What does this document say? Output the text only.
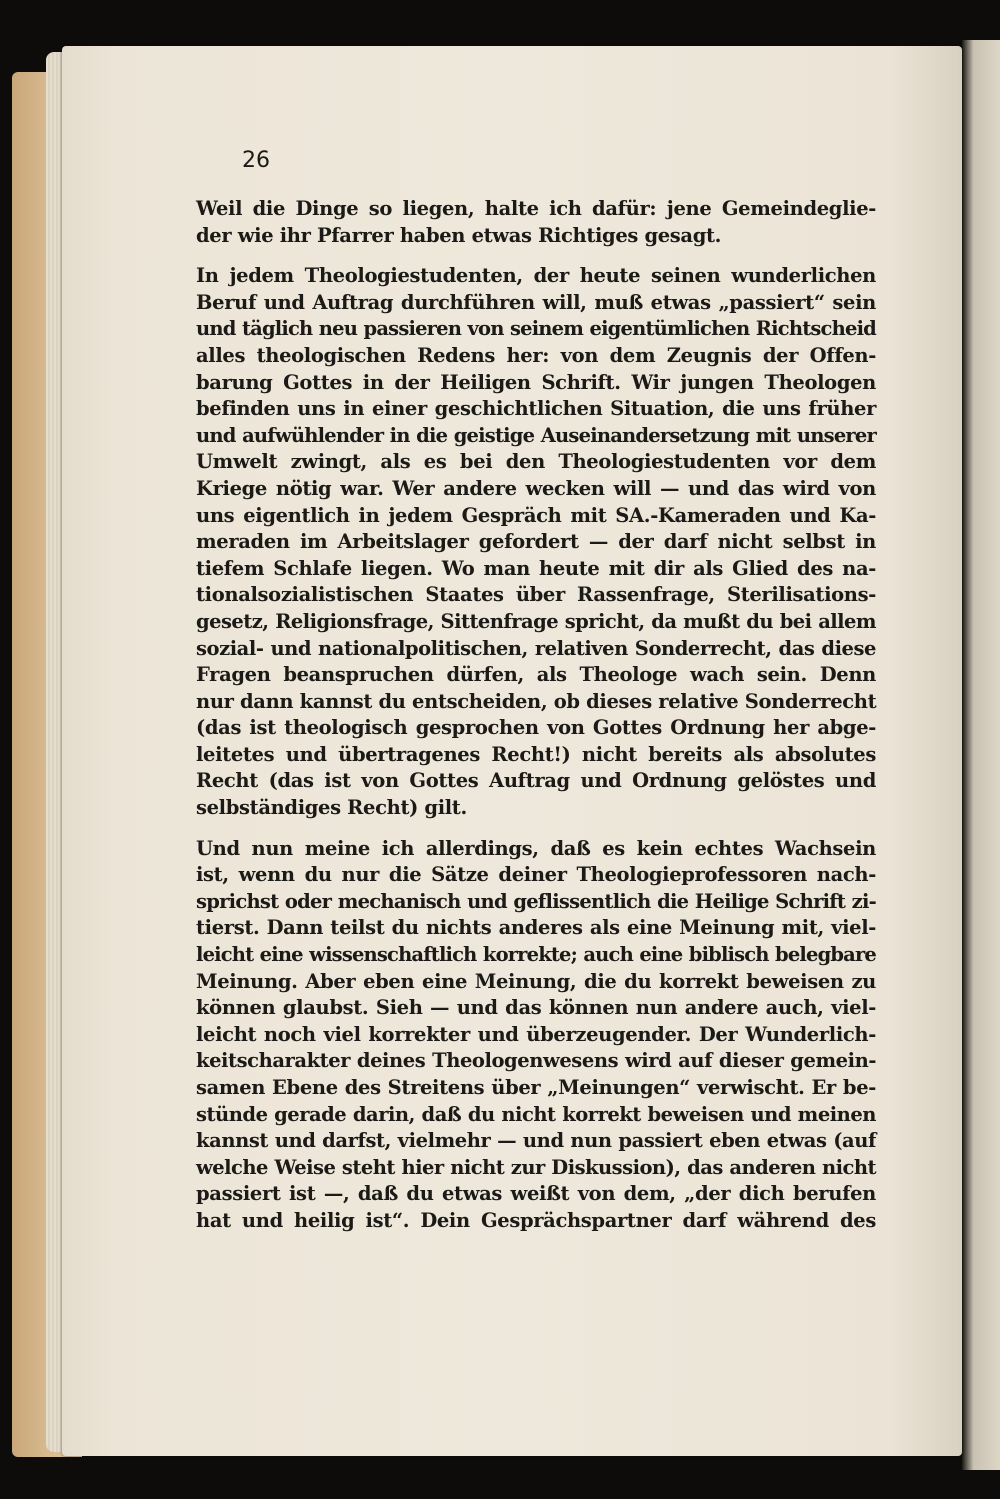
26

Weil die Dinge so liegen, halte ich dafür: jene Gemeindeglie-
der wie ihr Pfarrer haben etwas Richtiges gesagt.

In jedem Theologiestudenten, der heute seinen wunderlichen
Beruf und Auftrag durchführen will, muß etwas „passiert“ sein
und täglich neu passieren von seinem eigentümlichen Richtscheid
alles theologischen Redens her: von dem Zeugnis der Offen-
barung Gottes in der Heiligen Schrift. Wir jungen Theologen
befinden uns in einer geschichtlichen Situation, die uns früher
und aufwühlender in die geistige Auseinandersetzung mit unserer
Umwelt zwingt, als es bei den Theologiestudenten vor dem
Kriege nötig war. Wer andere wecken will — und das wird von
uns eigentlich in jedem Gespräch mit SA.-Kameraden und Ka-
meraden im Arbeitslager gefordert — der darf nicht selbst in
tiefem Schlafe liegen. Wo man heute mit dir als Glied des na-
tionalsozialistischen Staates über Rassenfrage, Sterilisations-
gesetz, Religionsfrage, Sittenfrage spricht, da mußt du bei allem
sozial- und nationalpolitischen, relativen Sonderrecht, das diese
Fragen beanspruchen dürfen, als Theologe wach sein. Denn
nur dann kannst du entscheiden, ob dieses relative Sonderrecht
(das ist theologisch gesprochen von Gottes Ordnung her abge-
leitetes und übertragenes Recht!) nicht bereits als absolutes
Recht (das ist von Gottes Auftrag und Ordnung gelöstes und
selbständiges Recht) gilt.

Und nun meine ich allerdings, daß es kein echtes Wachsein
ist, wenn du nur die Sätze deiner Theologieprofessoren nach-
sprichst oder mechanisch und geflissentlich die Heilige Schrift zi-
tierst. Dann teilst du nichts anderes als eine Meinung mit, viel-
leicht eine wissenschaftlich korrekte; auch eine biblisch belegbare
Meinung. Aber eben eine Meinung, die du korrekt beweisen zu
können glaubst. Sieh — und das können nun andere auch, viel-
leicht noch viel korrekter und überzeugender. Der Wunderlich-
keitscharakter deines Theologenwesens wird auf dieser gemein-
samen Ebene des Streitens über „Meinungen“ verwischt. Er be-
stünde gerade darin, daß du nicht korrekt beweisen und meinen
kannst und darfst, vielmehr — und nun passiert eben etwas (auf
welche Weise steht hier nicht zur Diskussion), das anderen nicht
passiert ist —, daß du etwas weißt von dem, „der dich berufen
hat und heilig ist“. Dein Gesprächspartner darf während des
